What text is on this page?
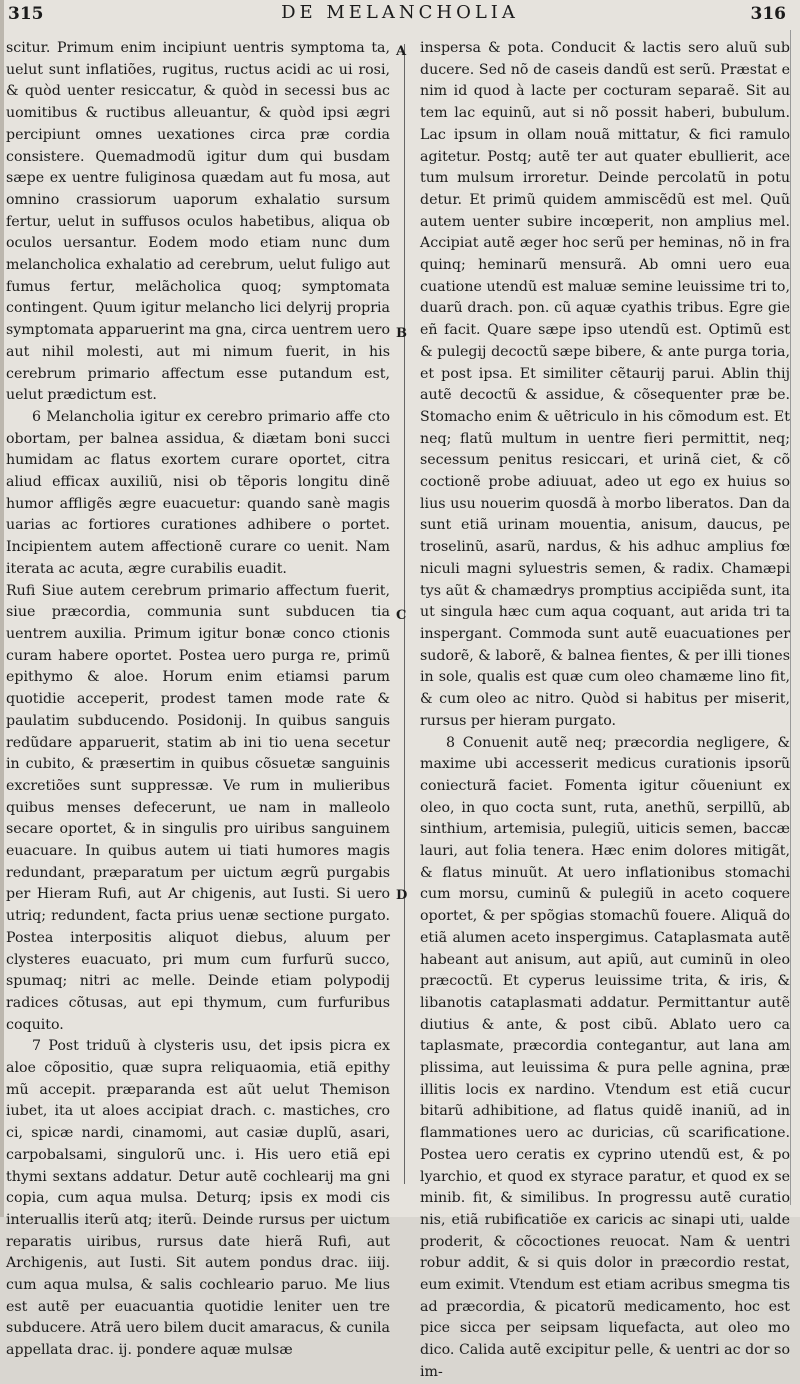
315	DE MELANCHOLIA	316

scitur. Primum enim incipiunt uentris symptoma ta, uelut sunt inflatiões, rugitus, ructus acidi ac ui rosi, & quòd uenter resiccatur, & quòd in secessi bus ac uomitibus & ructibus alleuantur, & quòd ipsi ægri percipiunt omnes uexationes circa præ cordia consistere. Quemadmodũ igitur dum qui busdam sæpe ex uentre fuliginosa quædam aut fu mosa, aut omnino crassiorum uaporum exhalatio sursum fertur, uelut in suffusos oculos habetibus, aliqua ob oculos uersantur. Eodem modo etiam nunc dum melancholica exhalatio ad cerebrum, uelut fuligo aut fumus fertur, melãcholica quoq; symptomata contingent. Quum igitur melancho lici delyrij propria symptomata apparuerint ma gna, circa uentrem uero aut nihil molesti, aut mi nimum fuerit, in his cerebrum primario affectum esse putandum est, uelut prædictum est.

6 Melancholia igitur ex cerebro primario affe cto obortam, per balnea assidua, & diætam boni succi humidam ac flatus exortem curare oportet, citra aliud efficax auxiliũ, nisi ob tẽporis longitu dinẽ humor affligẽs ægre euacuetur: quando sanè magis uarias ac fortiores curationes adhibere o portet. Incipientem autem affectionẽ curare co uenit. Nam iterata ac acuta, ægre curabilis euadit.

Rufi Siue autem cerebrum primario affectum fuerit, siue præcordia, communia sunt subducen tia uentrem auxilia. Primum igitur bonæ conco ctionis curam habere oportet. Postea uero purga re, primũ epithymo & aloe. Horum enim etiamsi parum quotidie acceperit, prodest tamen mode rate & paulatim subducendo. Posidonij. In quibus sanguis redũdare apparuerit, statim ab ini tio uena secetur in cubito, & præsertim in quibus cõsuetæ sanguinis excretiões sunt suppressæ. Ve rum in mulieribus quibus menses defecerunt, ue nam in malleolo secare oportet, & in singulis pro uiribus sanguinem euacuare. In quibus autem ui tiati humores magis redundant, præparatum per uictum ægrũ purgabis per Hieram Rufi, aut Ar chigenis, aut Iusti. Si uero utriq; redundent, facta prius uenæ sectione purgato. Postea interpositis aliquot diebus, aluum per clysteres euacuato, pri mum cum furfurũ succo, spumaq; nitri ac melle. Deinde etiam polypodij radices cõtusas, aut epi thymum, cum furfuribus coquito.

7 Post triduũ à clysteris usu, det ipsis picra ex aloe cõpositio, quæ supra reliquaomia, etiã epithy mũ accepit. præparanda est aũt uelut Themison iubet, ita ut aloes accipiat drach. c. mastiches, cro ci, spicæ nardi, cinamomi, aut casiæ duplũ, asari, carpobalsami, singulorũ unc. i. His uero etiã epi thymi sextans addatur. Detur autẽ cochlearij ma gni copia, cum aqua mulsa. Deturq; ipsis ex modi cis interuallis iterũ atq; iterũ. Deinde rursus per uictum reparatis uiribus, rursus date hierã Rufi, aut Archigenis, aut Iusti. Sit autem pondus drac. iiij. cum aqua mulsa, & salis cochleario paruo. Me lius est autẽ per euacuantia quotidie leniter uen tre subducere. Atrã uero bilem ducit amaracus, & cunila appellata drac. ij. pondere aquæ mulsæ

A
B
C
D

inspersa & pota. Conducit & lactis sero aluũ sub ducere. Sed nõ de caseis dandũ est serũ. Præstat e nim id quod à lacte per cocturam separaẽ. Sit au tem lac equinũ, aut si nõ possit haberi, bubulum. Lac ipsum in ollam nouã mittatur, & fici ramulo agitetur. Postq; autẽ ter aut quater ebullierit, ace tum mulsum irroretur. Deinde percolatũ in potu detur. Et primũ quidem ammiscẽdũ est mel. Quũ autem uenter subire incœperit, non amplius mel. Accipiat autẽ æger hoc serũ per heminas, nõ in fra quinq; heminarũ mensurã. Ab omni uero eua cuatione utendũ est maluæ semine leuissime tri to, duarũ drach. pon. cũ aquæ cyathis tribus. Egre gie eñ facit. Quare sæpe ipso utendũ est. Optimũ est & pulegij decoctũ sæpe bibere, & ante purga toria, et post ipsa. Et similiter cẽtaurij parui. Ablin thij autẽ decoctũ & assidue, & cõsequenter præ be. Stomacho enim & uẽtriculo in his cõmodum est. Et neq; flatũ multum in uentre fieri permittit, neq; secessum penitus resiccari, et urinã ciet, & cõ coctionẽ probe adiuuat, adeo ut ego ex huius so lius usu nouerim quosdã à morbo liberatos. Dan da sunt etiã urinam mouentia, anisum, daucus, pe troselinũ, asarũ, nardus, & his adhuc amplius fœ niculi magni syluestris semen, & radix. Chamæpi tys aũt & chamædrys promptius accipiẽda sunt, ita ut singula hæc cum aqua coquant, aut arida tri ta inspergant. Commoda sunt autẽ euacuationes per sudorẽ, & laborẽ, & balnea fientes, & per illi tiones in sole, qualis est quæ cum oleo chamæme lino fit, & cum oleo ac nitro. Quòd si habitus per miserit, rursus per hieram purgato.

8 Conuenit autẽ neq; præcordia negligere, & maxime ubi accesserit medicus curationis ipsorũ coniecturã faciet. Fomenta igitur cõueniunt ex oleo, in quo cocta sunt, ruta, anethũ, serpillũ, ab sinthium, artemisia, pulegiũ, uiticis semen, baccæ lauri, aut folia tenera. Hæc enim dolores mitigãt, & flatus minuũt. At uero inflationibus stomachi cum morsu, cuminũ & pulegiũ in aceto coquere oportet, & per spõgias stomachũ fouere. Aliquã do etiã alumen aceto inspergimus. Cataplasmata autẽ habeant aut anisum, aut apiũ, aut cuminũ in oleo præcoctũ. Et cyperus leuissime trita, & iris, & libanotis cataplasmati addatur. Permittantur autẽ diutius & ante, & post cibũ. Ablato uero ca taplasmate, præcordia contegantur, aut lana am plissima, aut leuissima & pura pelle agnina, præ illitis locis ex nardino. Vtendum est etiã cucur bitarũ adhibitione, ad flatus quidẽ inaniũ, ad in flammationes uero ac duricias, cũ scarificatione. Postea uero ceratis ex cyprino utendũ est, & po lyarchio, et quod ex styrace paratur, et quod ex se minib. fit, & similibus. In progressu autẽ curatio nis, etiã rubificatiõe ex caricis ac sinapi uti, ualde proderit, & cõcoctiones reuocat. Nam & uentri robur addit, & si quis dolor in præcordio restat, eum eximit. Vtendum est etiam acribus smegma tis ad præcordia, & picatorũ medicamento, hoc est pice sicca per seipsam liquefacta, aut oleo mo dico. Calida autẽ excipitur pelle, & uentri ac dor so im-
